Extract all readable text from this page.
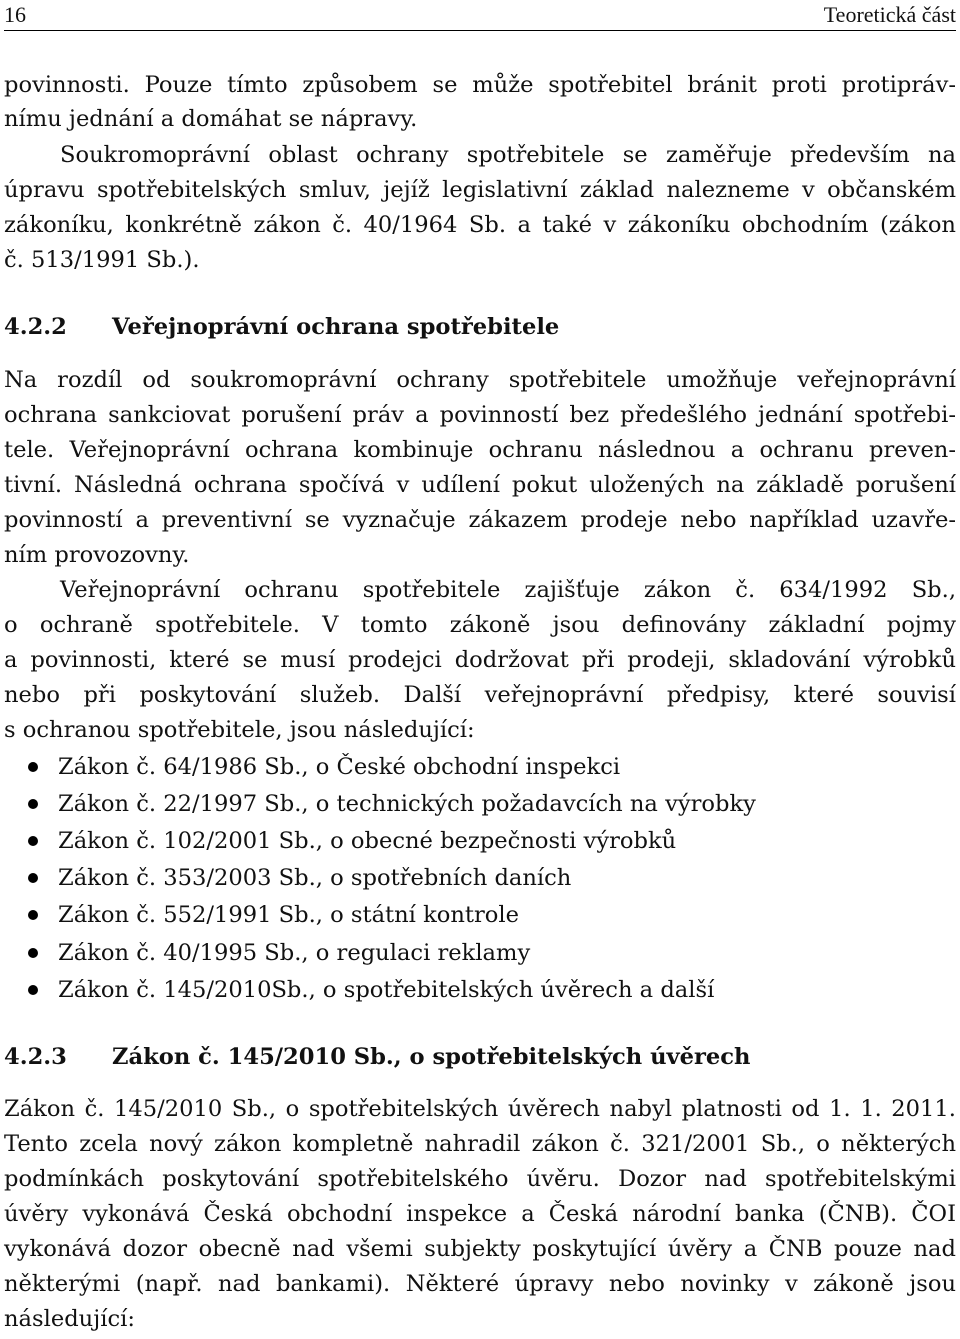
16	Teoretická část
povinnosti. Pouze tímto způsobem se může spotřebitel bránit proti protipráv-
nímu jednání a domáhat se nápravy.
Soukromoprávní oblast ochrany spotřebitele se zaměřuje především na
úpravu spotřebitelských smluv, jejíž legislativní základ nalezneme v občanském
zákoníku, konkrétně zákon č. 40/1964 Sb. a také v zákoníku obchodním (zákon
č. 513/1991 Sb.).
4.2.2 Veřejnoprávní ochrana spotřebitele
Na rozdíl od soukromoprávní ochrany spotřebitele umožňuje veřejnoprávní
ochrana sankciovat porušení práv a povinností bez předešlého jednání spotřebi-
tele. Veřejnoprávní ochrana kombinuje ochranu následnou a ochranu preven-
tivní. Následná ochrana spočívá v udílení pokut uložených na základě porušení
povinností a preventivní se vyznačuje zákazem prodeje nebo například uzavře-
ním provozovny.
Veřejnoprávní ochranu spotřebitele zajišťuje zákon č. 634/1992 Sb.,
o ochraně spotřebitele. V tomto zákoně jsou definovány základní pojmy
a povinnosti, které se musí prodejci dodržovat při prodeji, skladování výrobků
nebo při poskytování služeb. Další veřejnoprávní předpisy, které souvisí
s ochranou spotřebitele, jsou následující:
Zákon č. 64/1986 Sb., o České obchodní inspekci
Zákon č. 22/1997 Sb., o technických požadavcích na výrobky
Zákon č. 102/2001 Sb., o obecné bezpečnosti výrobků
Zákon č. 353/2003 Sb., o spotřebních daních
Zákon č. 552/1991 Sb., o státní kontrole
Zákon č. 40/1995 Sb., o regulaci reklamy
Zákon č. 145/2010Sb., o spotřebitelských úvěrech a další
4.2.3 Zákon č. 145/2010 Sb., o spotřebitelských úvěrech
Zákon č. 145/2010 Sb., o spotřebitelských úvěrech nabyl platnosti od 1. 1. 2011.
Tento zcela nový zákon kompletně nahradil zákon č. 321/2001 Sb., o některých
podmínkách poskytování spotřebitelského úvěru. Dozor nad spotřebitelskými
úvěry vykonává Česká obchodní inspekce a Česká národní banka (ČNB). ČOI
vykonává dozor obecně nad všemi subjekty poskytující úvěry a ČNB pouze nad
některými (např. nad bankami). Některé úpravy nebo novinky v zákoně jsou
následující:
